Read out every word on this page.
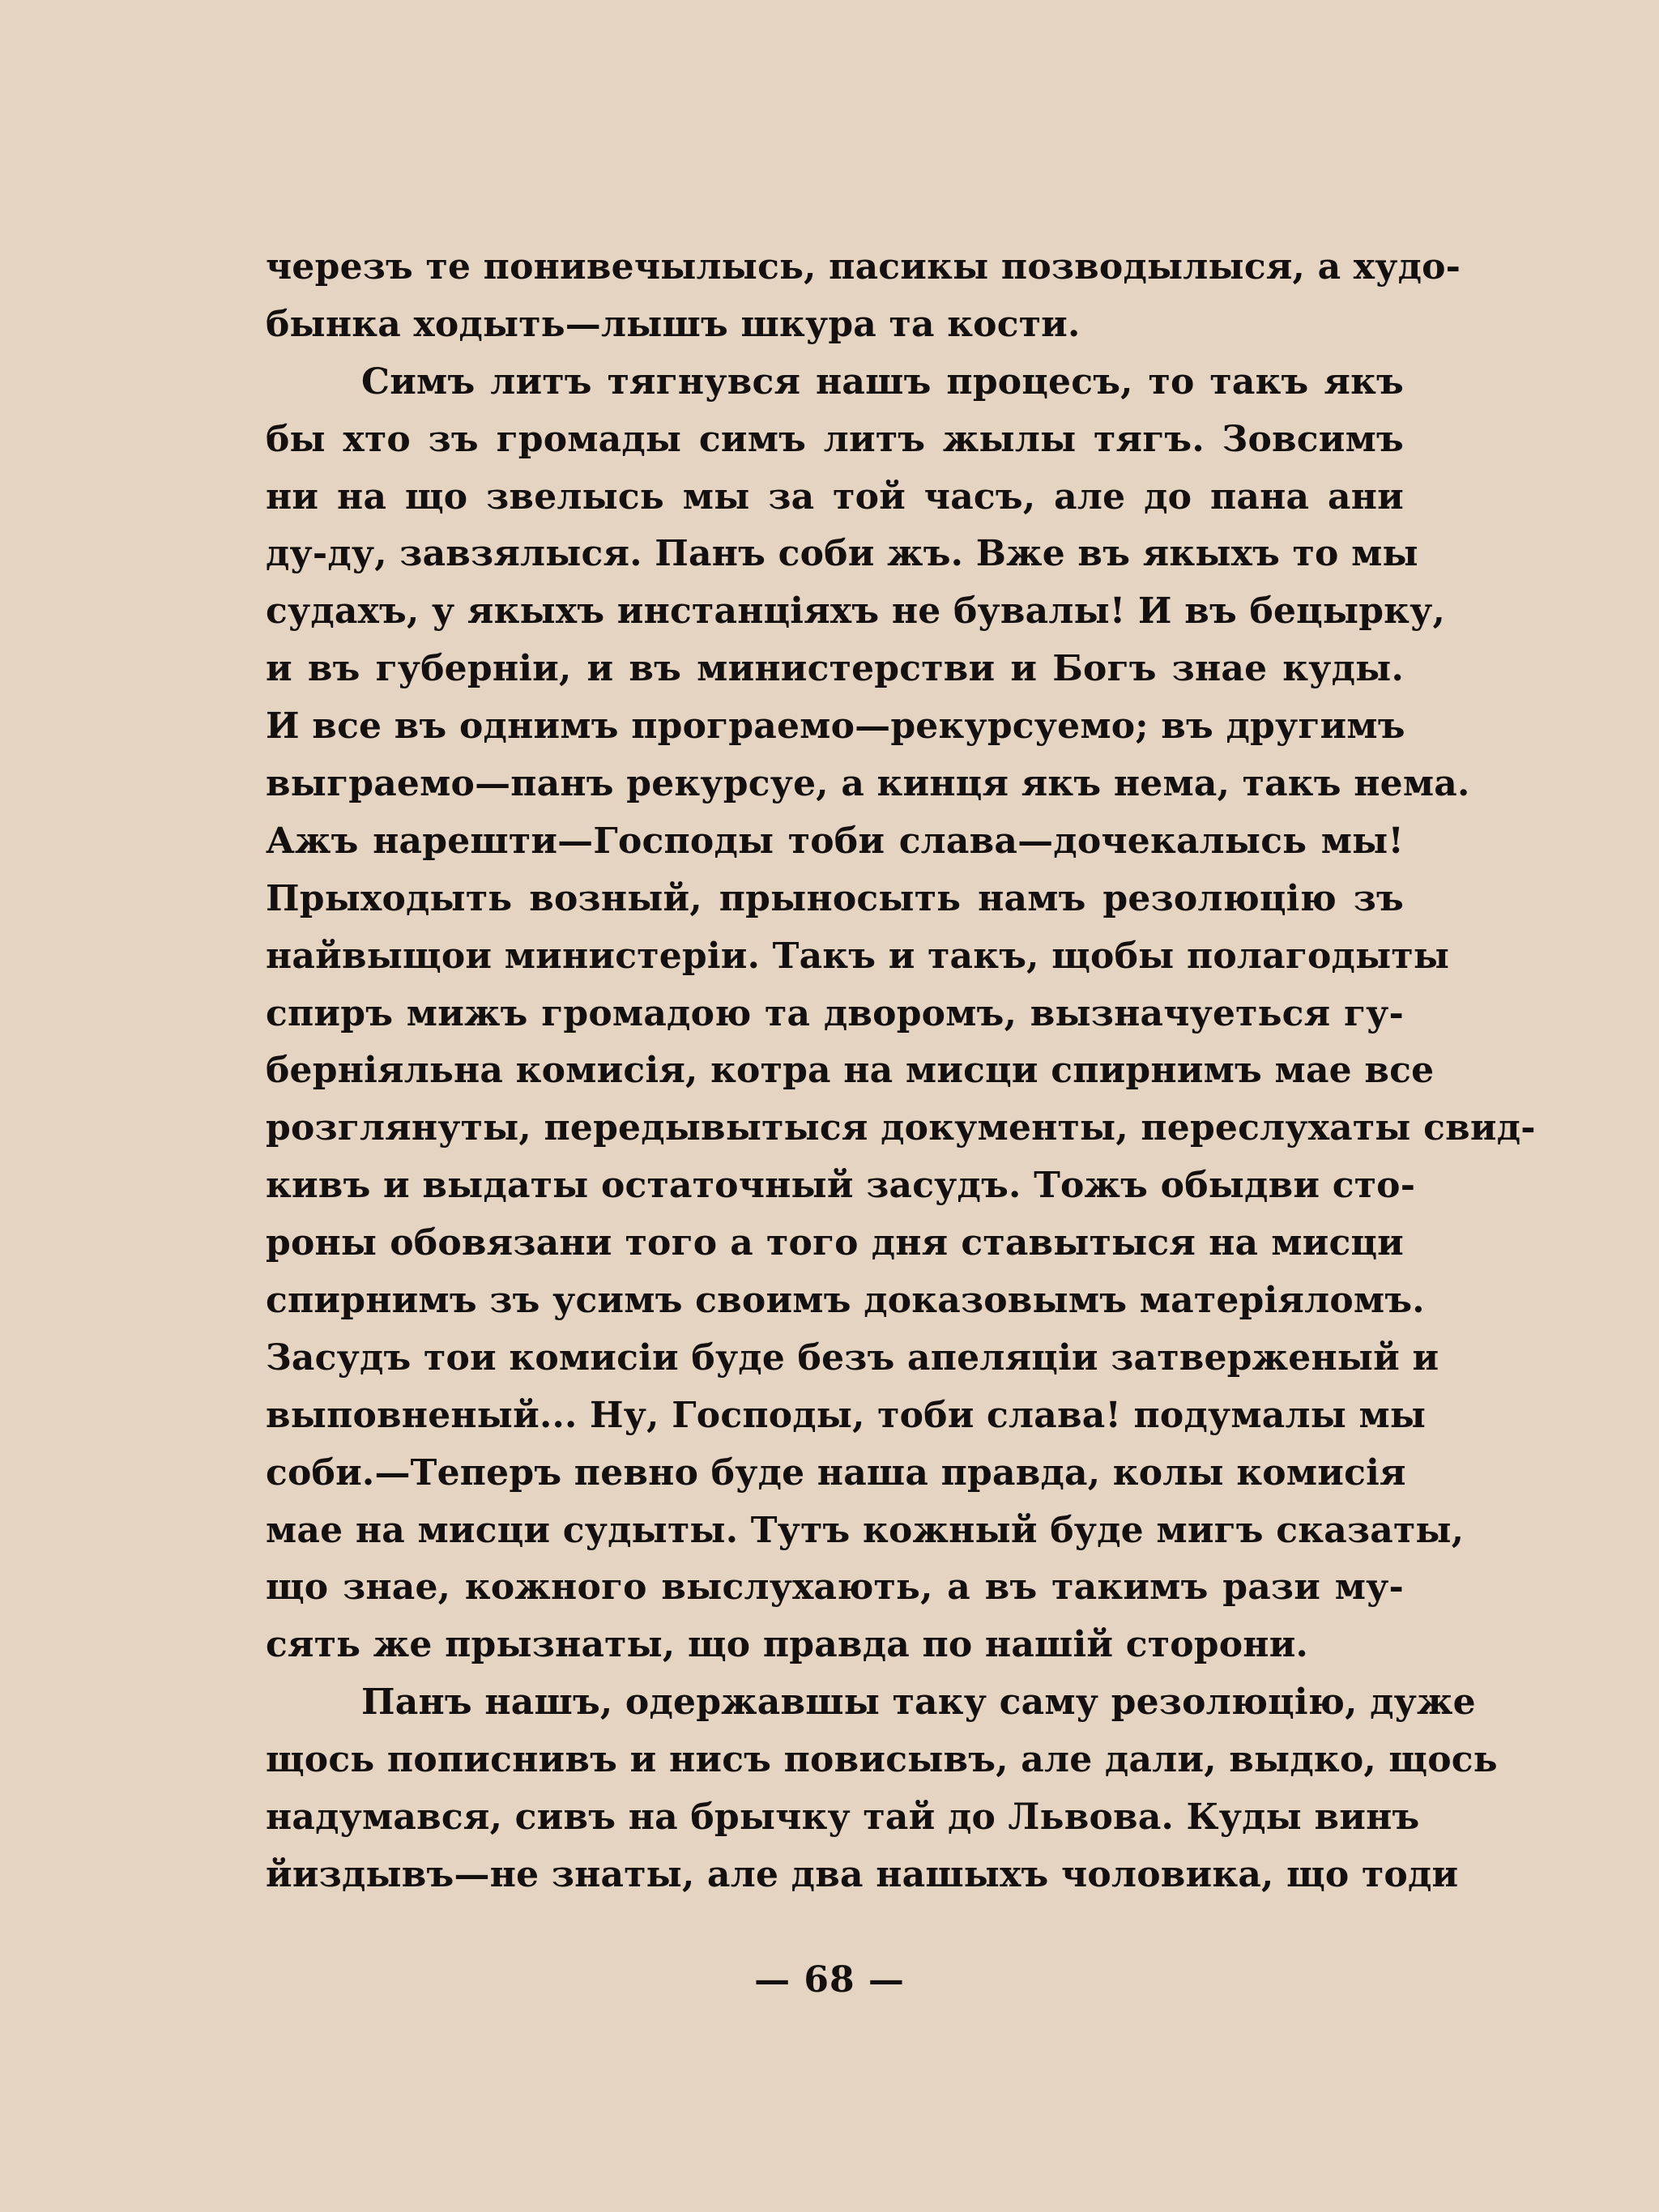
черезъ те понивечылысь, пасикы позводылыся, а худо-
бынка ходыть—лышъ шкура та кости.
Симъ литъ тягнувся нашъ процесъ, то такъ якъ
бы хто зъ громады симъ литъ жылы тягъ. Зовсимъ
ни на що звелысь мы за той часъ, але до пана ани
ду-ду, завзялыся. Панъ соби жъ. Вже въ якыхъ то мы
судахъ, у якыхъ инстанціяхъ не бувалы! И въ бецырку,
и въ губерніи, и въ министерстви и Богъ знае куды.
И все въ однимъ програемо—рекурсуемо; въ другимъ
выграемо—панъ рекурсуе, а кинця якъ нема, такъ нема.
Ажъ нарешти—Господы тоби слава—дочекалысь мы!
Прыходыть возный, прыносыть намъ резолюцію зъ
найвыщои министеріи. Такъ и такъ, щобы полагодыты
спиръ мижъ громадою та дворомъ, вызначуеться гу-
берніяльна комисія, котра на мисци спирнимъ мае все
розглянуты, передывытыся документы, переслухаты свид-
кивъ и выдаты остаточный засудъ. Тожъ обыдви сто-
роны обовязани того а того дня ставытыся на мисци
спирнимъ зъ усимъ своимъ доказовымъ матеріяломъ.
Засудъ тои комисіи буде безъ апеляціи затверженый и
выповненый... Ну, Господы, тоби слава! подумалы мы
соби.—Теперъ певно буде наша правда, колы комисія
мае на мисци судыты. Тутъ кожный буде мигъ сказаты,
що знае, кожного выслухають, а въ такимъ рази му-
сять же прызнаты, що правда по нашій сторони.
Панъ нашъ, одержавшы таку саму резолюцію, дуже
щось пописнивъ и нисъ повисывъ, але дали, выдко, щось
надумався, сивъ на брычку тай до Львова. Куды винъ
йиздывъ—не знаты, але два нашыхъ чоловика, що тоди
— 68 —
